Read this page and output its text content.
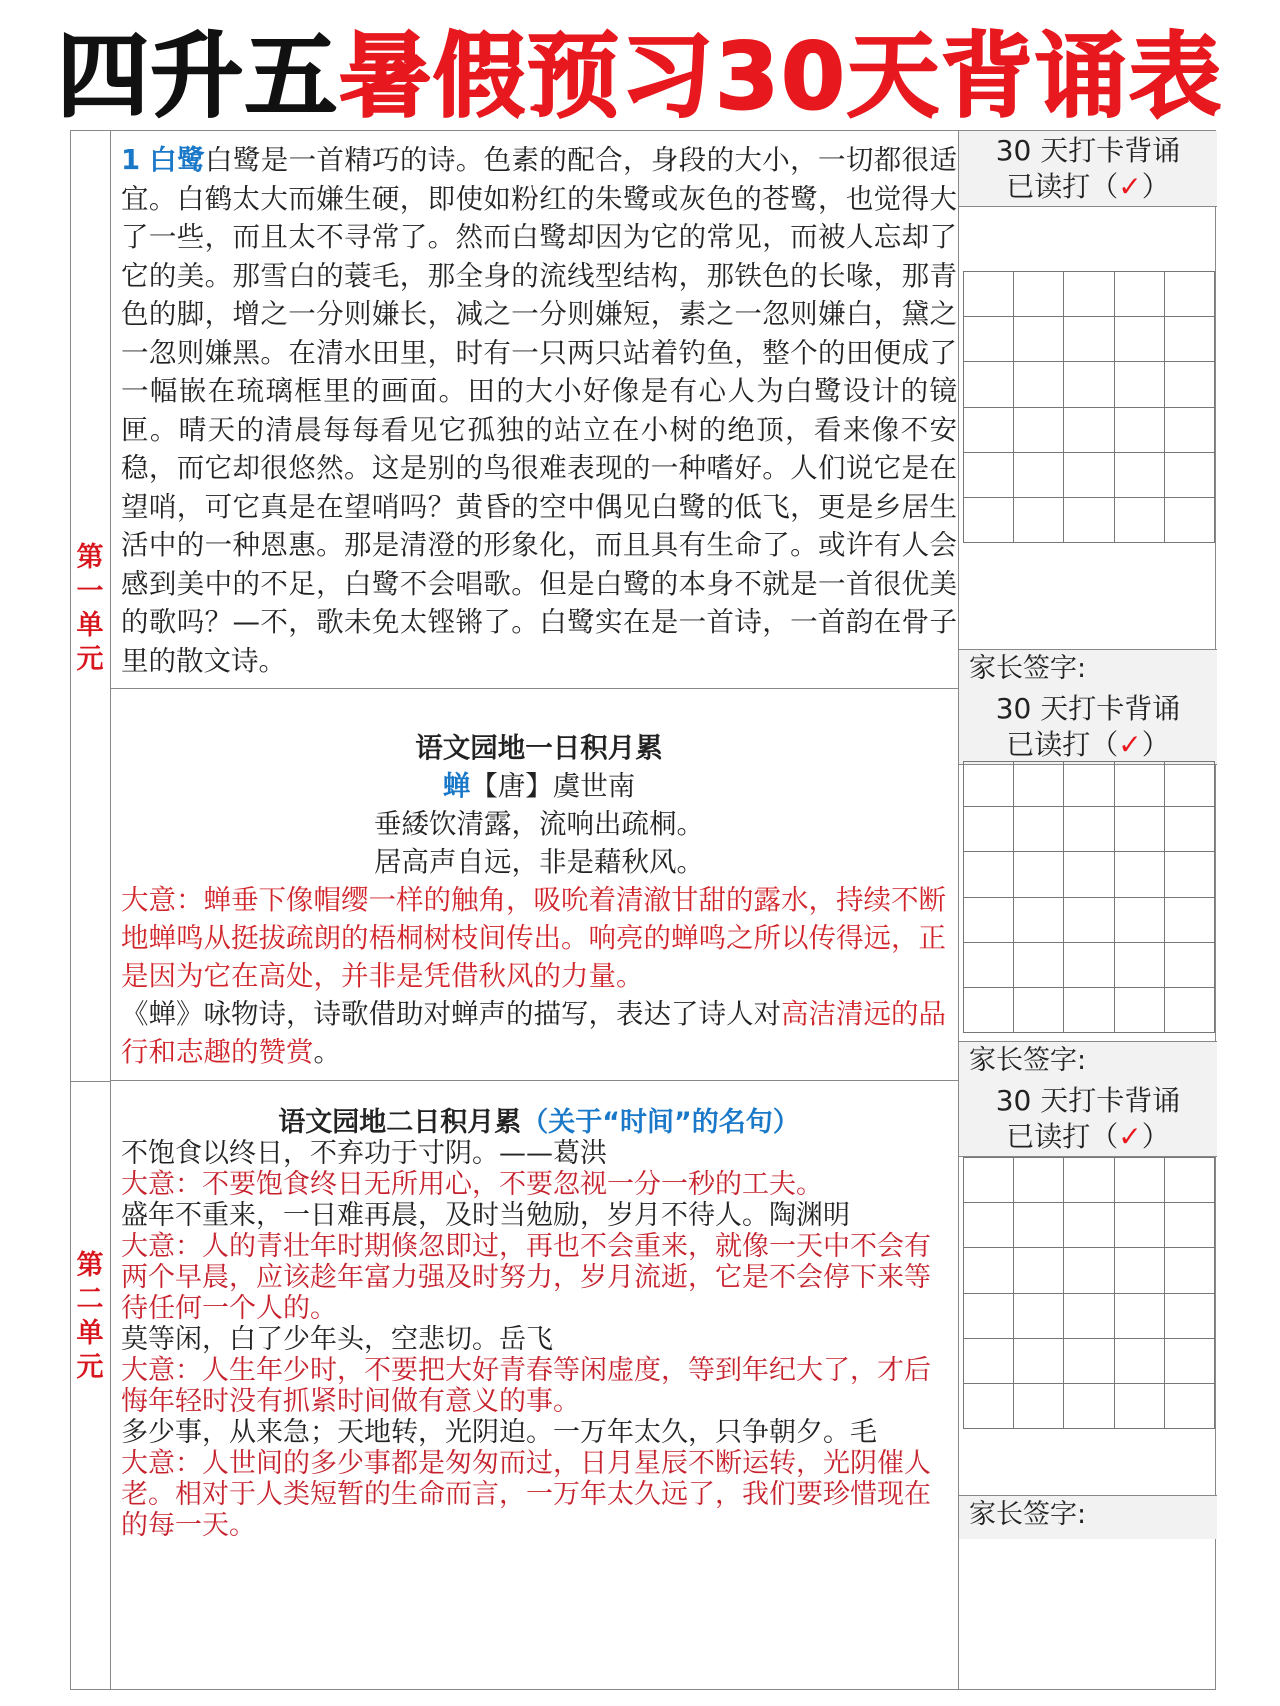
四升五暑假预习30天背诵表
第一单元
第二单元
1 白鹭白鹭是一首精巧的诗。色素的配合，身段的大小，一切都很适宜。白鹤太大而嫌生硬，即使如粉红的朱鹭或灰色的苍鹭，也觉得大了一些，而且太不寻常了。然而白鹭却因为它的常见，而被人忘却了它的美。那雪白的蓑毛，那全身的流线型结构，那铁色的长喙，那青色的脚，增之一分则嫌长，减之一分则嫌短，素之一忽则嫌白，黛之一忽则嫌黑。在清水田里，时有一只两只站着钓鱼，整个的田便成了一幅嵌在琉璃框里的画面。田的大小好像是有心人为白鹭设计的镜匣。晴天的清晨每每看见它孤独的站立在小树的绝顶，看来像不安稳，而它却很悠然。这是别的鸟很难表现的一种嗜好。人们说它是在望哨，可它真是在望哨吗？黄昏的空中偶见白鹭的低飞，更是乡居生活中的一种恩惠。那是清澄的形象化，而且具有生命了。或许有人会感到美中的不足，白鹭不会唱歌。但是白鹭的本身不就是一首很优美的歌吗？—不，歌未免太铿锵了。白鹭实在是一首诗，一首韵在骨子里的散文诗。
30 天打卡背诵
已读打（✓）
家长签字:

语文园地一日积月累

蝉【唐】虞世南

垂緌饮清露，流响出疏桐。

居高声自远，非是藉秋风。

大意：蝉垂下像帽缨一样的触角，吸吮着清澈甘甜的露水，持续不断地蝉鸣从挺拔疏朗的梧桐树枝间传出。响亮的蝉鸣之所以传得远，正是因为它在高处，并非是凭借秋风的力量。

《蝉》咏物诗，诗歌借助对蝉声的描写，表达了诗人对高洁清远的品行和志趣的赞赏。

30 天打卡背诵
已读打（✓）
家长签字:

语文园地二日积月累（关于“时间”的名句）

不饱食以终日，不弃功于寸阴。——葛洪

大意：不要饱食终日无所用心，不要忽视一分一秒的工夫。

盛年不重来，一日难再晨，及时当勉励，岁月不待人。陶渊明

大意：人的青壮年时期倏忽即过，再也不会重来，就像一天中不会有两个早晨，应该趁年富力强及时努力，岁月流逝，它是不会停下来等待任何一个人的。

莫等闲，白了少年头，空悲切。岳飞

大意：人生年少时，不要把大好青春等闲虚度，等到年纪大了，才后悔年轻时没有抓紧时间做有意义的事。

多少事，从来急；天地转，光阴迫。一万年太久，只争朝夕。毛

大意：人世间的多少事都是匆匆而过，日月星辰不断运转，光阴催人老。相对于人类短暂的生命而言，一万年太久远了，我们要珍惜现在的每一天。

30 天打卡背诵
已读打（✓）
家长签字:
